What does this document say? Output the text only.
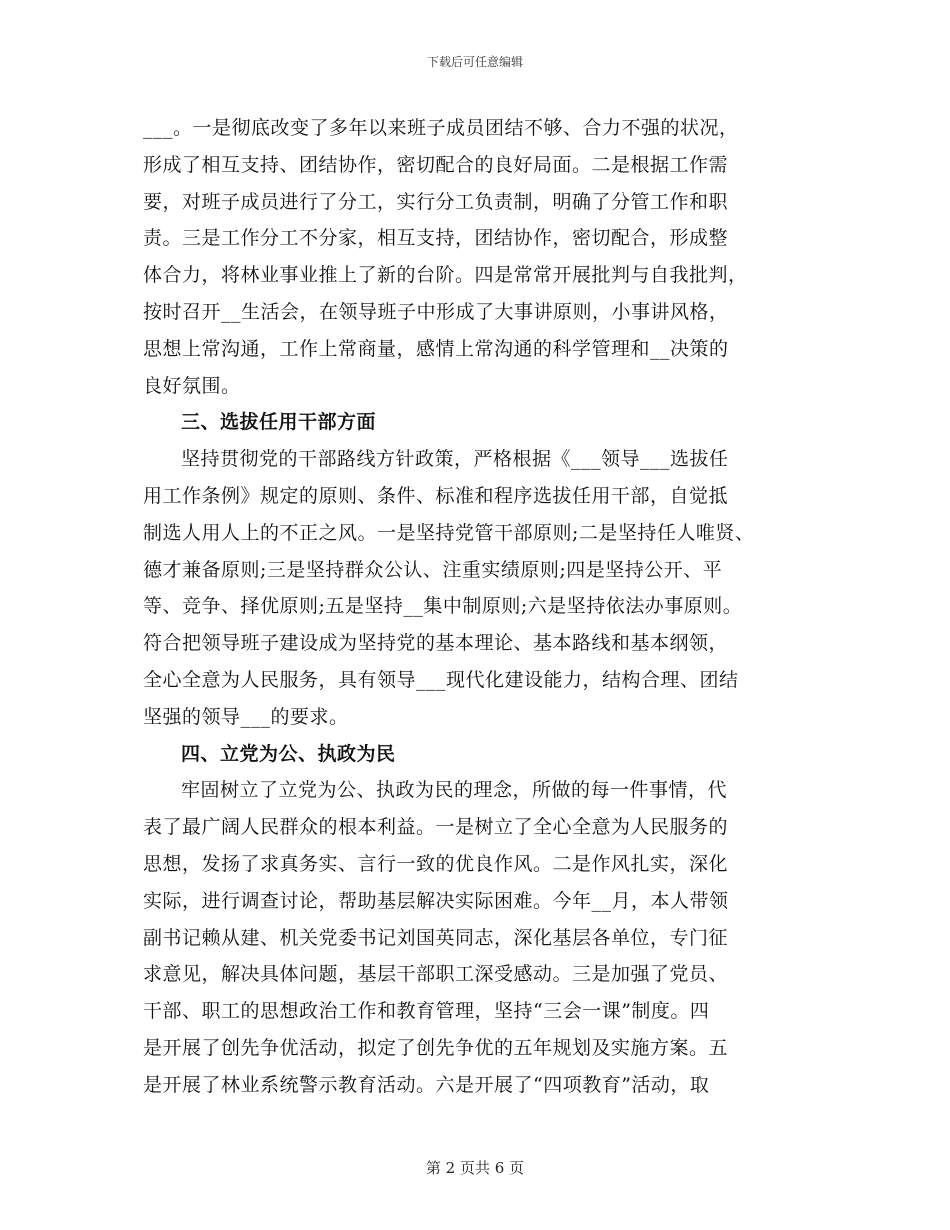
下载后可任意编辑
___。一是彻底改变了多年以来班子成员团结不够、合力不强的状况，
形成了相互支持、团结协作，密切配合的良好局面。二是根据工作需
要，对班子成员进行了分工，实行分工负责制，明确了分管工作和职
责。三是工作分工不分家，相互支持，团结协作，密切配合，形成整
体合力，将林业事业推上了新的台阶。四是常常开展批判与自我批判，
按时召开__生活会，在领导班子中形成了大事讲原则，小事讲风格，
思想上常沟通，工作上常商量，感情上常沟通的科学管理和__决策的
良好氛围。
三、选拔任用干部方面
坚持贯彻党的干部路线方针政策，严格根据《___领导___选拔任
用工作条例》规定的原则、条件、标准和程序选拔任用干部，自觉抵
制选人用人上的不正之风。一是坚持党管干部原则;二是坚持任人唯贤、
德才兼备原则;三是坚持群众公认、注重实绩原则;四是坚持公开、平
等、竞争、择优原则;五是坚持__集中制原则;六是坚持依法办事原则。
符合把领导班子建设成为坚持党的基本理论、基本路线和基本纲领，
全心全意为人民服务，具有领导___现代化建设能力，结构合理、团结
坚强的领导___的要求。
四、立党为公、执政为民
牢固树立了立党为公、执政为民的理念，所做的每一件事情，代
表了最广阔人民群众的根本利益。一是树立了全心全意为人民服务的
思想，发扬了求真务实、言行一致的优良作风。二是作风扎实，深化
实际，进行调查讨论，帮助基层解决实际困难。今年__月，本人带领
副书记赖从建、机关党委书记刘国英同志，深化基层各单位，专门征
求意见，解决具体问题，基层干部职工深受感动。三是加强了党员、
干部、职工的思想政治工作和教育管理，坚持“三会一课”制度。四
是开展了创先争优活动，拟定了创先争优的五年规划及实施方案。五
是开展了林业系统警示教育活动。六是开展了“四项教育”活动，取
第 2 页共 6 页
